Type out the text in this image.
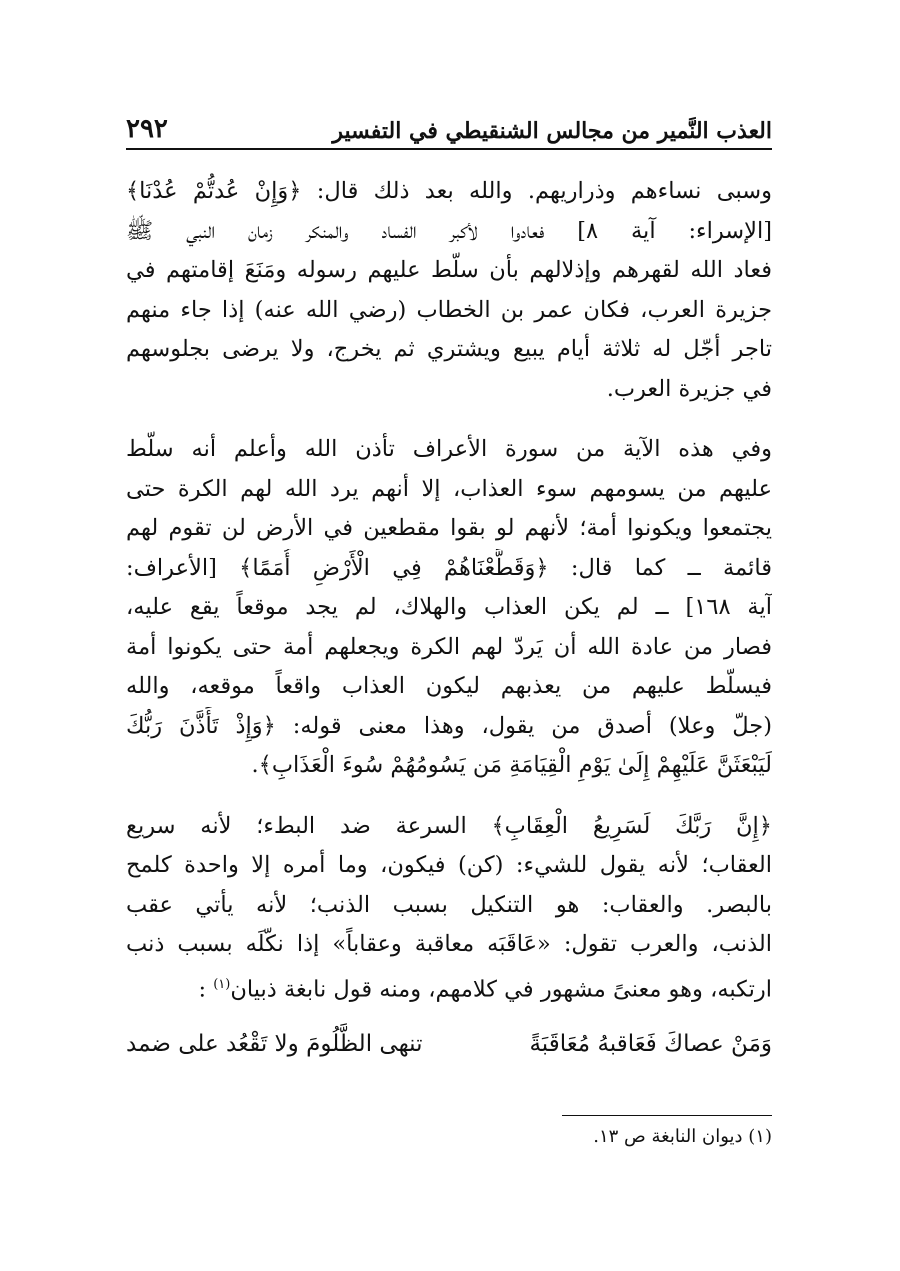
العذب النَّمير من مجالس الشنقيطي في التفسير
٢٩٢
وسبى نساءهم وذراريهم. والله بعد ذلك قال: ﴿وَإِنْ عُدتُّمْ عُدْنَا﴾
[الإسراء: آية ٨] فعادوا لأكبر الفساد والمنكر زمان النبي ﷺ
فعاد الله لقهرهم وإذلالهم بأن سلّط عليهم رسوله ومَنَعَ إقامتهم في
جزيرة العرب، فكان عمر بن الخطاب (رضي الله عنه) إذا جاء منهم
تاجر أجّل له ثلاثة أيام يبيع ويشتري ثم يخرج، ولا يرضى بجلوسهم
في جزيرة العرب.
وفي هذه الآية من سورة الأعراف تأذن الله وأعلم أنه سلّط
عليهم من يسومهم سوء العذاب، إلا أنهم يرد الله لهم الكرة حتى
يجتمعوا ويكونوا أمة؛ لأنهم لو بقوا مقطعين في الأرض لن تقوم لهم
قائمة ــ كما قال: ﴿وَقَطَّعْنَاهُمْ فِي الْأَرْضِ أُمَمًا﴾ [الأعراف:
آية ١٦٨] ــ لم يكن العذاب والهلاك، لم يجد موقعاً يقع عليه،
فصار من عادة الله أن يَردّ لهم الكرة ويجعلهم أمة حتى يكونوا أمة
فيسلّط عليهم من يعذبهم ليكون العذاب واقعاً موقعه، والله
(جلّ وعلا) أصدق من يقول، وهذا معنى قوله: ﴿وَإِذْ تَأَذَّنَ رَبُّكَ
لَيَبْعَثَنَّ عَلَيْهِمْ إِلَىٰ يَوْمِ الْقِيَامَةِ مَن يَسُومُهُمْ سُوءَ الْعَذَابِ﴾.
﴿إِنَّ رَبَّكَ لَسَرِيعُ الْعِقَابِ﴾ السرعة ضد البطء؛ لأنه سريع
العقاب؛ لأنه يقول للشيء: (كن) فيكون، وما أمره إلا واحدة كلمح
بالبصر. والعقاب: هو التنكيل بسبب الذنب؛ لأنه يأتي عقب
الذنب، والعرب تقول: «عَاقَبَه معاقبة وعقاباً» إذا نكّلَه بسبب ذنب
ارتكبه، وهو معنىً مشهور في كلامهم، ومنه قول نابغة ذبيان$^{(١)}$ :
وَمَنْ عصاكَ فَعَاقبهُ مُعَاقَبَةً
تنهى الظَّلُومَ ولا تَقْعُد على ضمد
(١) ديوان النابغة ص ١٣.
